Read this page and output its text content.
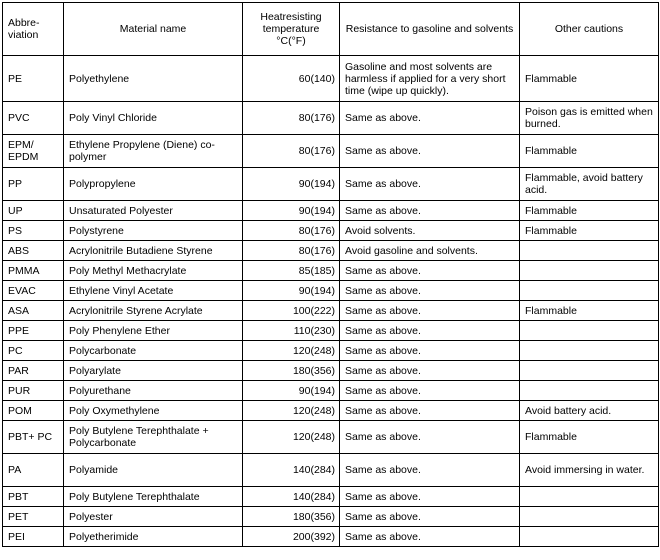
Abbre-
viation	Material name	Heatresisting temperature °C(°F)	Resistance to gasoline and solvents	Other cautions
PE	Polyethylene	60(140)	Gasoline and most solvents are harmless if applied for a very short time (wipe up quickly).	Flammable
PVC	Poly Vinyl Chloride	80(176)	Same as above.	Poison gas is emitted when burned.
EPM/ EPDM	Ethylene Propylene (Diene) co-polymer	80(176)	Same as above.	Flammable
PP	Polypropylene	90(194)	Same as above.	Flammable, avoid battery acid.
UP	Unsaturated Polyester	90(194)	Same as above.	Flammable
PS	Polystyrene	80(176)	Avoid solvents.	Flammable
ABS	Acrylonitrile Butadiene Styrene	80(176)	Avoid gasoline and solvents.	
PMMA	Poly Methyl Methacrylate	85(185)	Same as above.	
EVAC	Ethylene Vinyl Acetate	90(194)	Same as above.	
ASA	Acrylonitrile Styrene Acrylate	100(222)	Same as above.	Flammable
PPE	Poly Phenylene Ether	110(230)	Same as above.	
PC	Polycarbonate	120(248)	Same as above.	
PAR	Polyarylate	180(356)	Same as above.	
PUR	Polyurethane	90(194)	Same as above.	
POM	Poly Oxymethylene	120(248)	Same as above.	Avoid battery acid.
PBT+ PC	Poly Butylene Terephthalate + Polycarbonate	120(248)	Same as above.	Flammable
PA	Polyamide	140(284)	Same as above.	Avoid immersing in water.
PBT	Poly Butylene Terephthalate	140(284)	Same as above.	
PET	Polyester	180(356)	Same as above.	
PEI	Polyetherimide	200(392)	Same as above.	
